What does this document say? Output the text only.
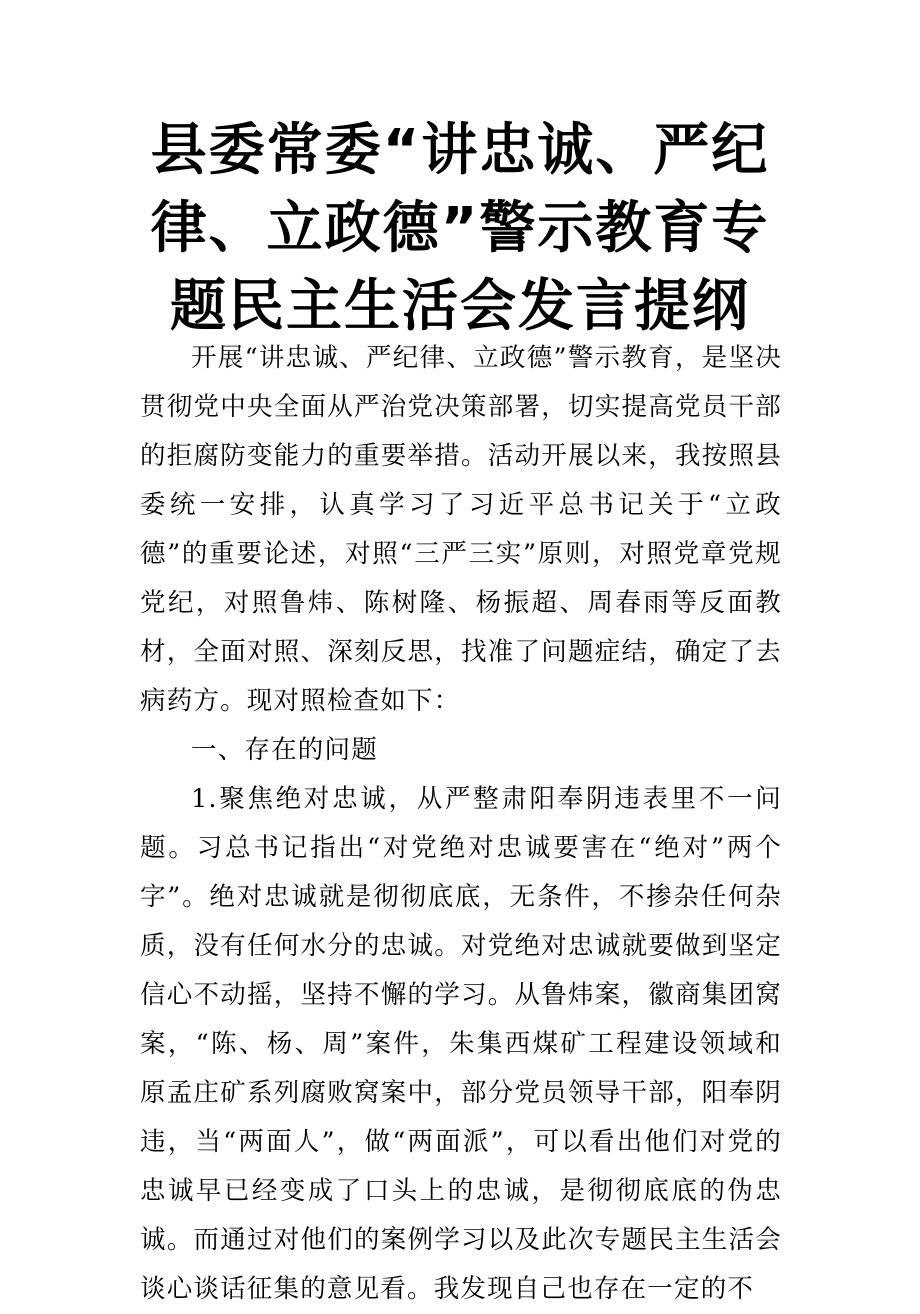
县委常委“讲忠诚、严纪律、立政德”警示教育专题民主生活会发言提纲

开展“讲忠诚、严纪律、立政德”警示教育，是坚决贯彻党中央全面从严治党决策部署，切实提高党员干部的拒腐防变能力的重要举措。活动开展以来，我按照县委统一安排，认真学习了习近平总书记关于“立政德”的重要论述，对照“三严三实”原则，对照党章党规党纪，对照鲁炜、陈树隆、杨振超、周春雨等反面教材，全面对照、深刻反思，找准了问题症结，确定了去病药方。现对照检查如下：

一、存在的问题

1.聚焦绝对忠诚，从严整肃阳奉阴违表里不一问题。习总书记指出“对党绝对忠诚要害在“绝对”两个字”。绝对忠诚就是彻彻底底，无条件，不掺杂任何杂质，没有任何水分的忠诚。对党绝对忠诚就要做到坚定信心不动摇，坚持不懈的学习。从鲁炜案，徽商集团窝案，“陈、杨、周”案件，朱集西煤矿工程建设领域和原孟庄矿系列腐败窝案中，部分党员领导干部，阳奉阴违，当“两面人”，做“两面派”，可以看出他们对党的忠诚早已经变成了口头上的忠诚，是彻彻底底的伪忠诚。而通过对他们的案例学习以及此次专题民主生活会谈心谈话征集的意见看。我发现自己也存在一定的不
